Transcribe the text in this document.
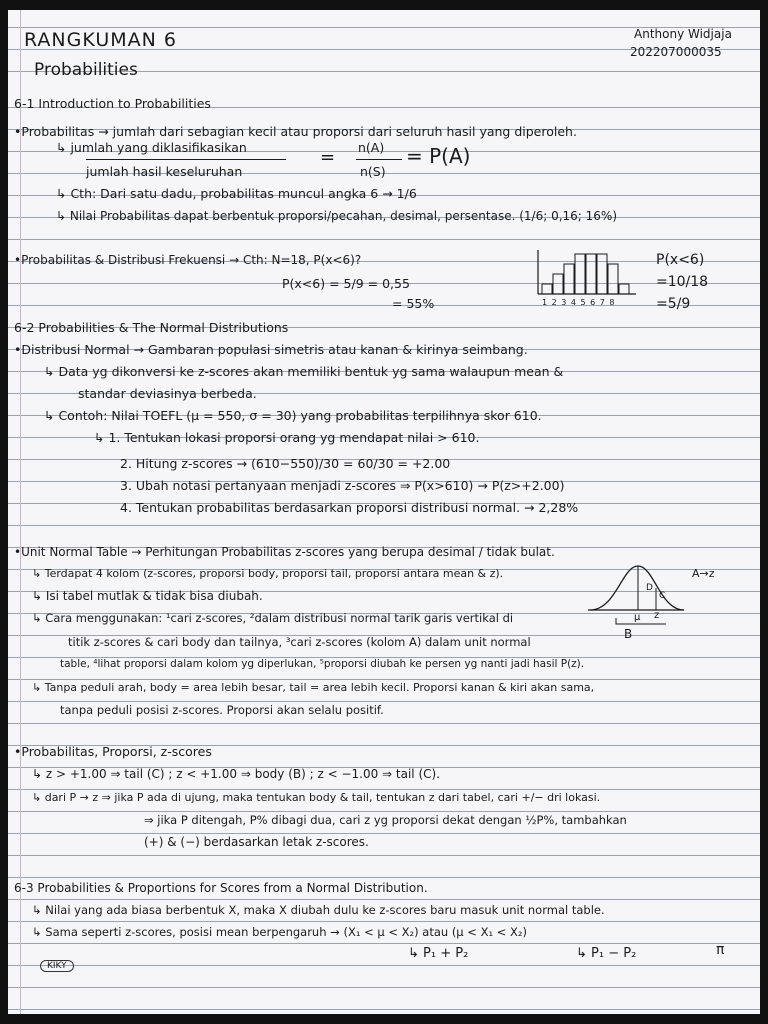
RANGKUMAN 6
Probabilities
Anthony Widjaja
202207000035
6-1 Introduction to Probabilities
•Probabilitas → jumlah dari sebagian kecil atau proporsi dari seluruh hasil yang diperoleh.
↳ jumlah yang diklasifikasikan
jumlah hasil keseluruhan
= n(A)
n(S)
= P(A)
↳ Cth: Dari satu dadu, probabilitas muncul angka 6 → 1/6
↳ Nilai Probabilitas dapat berbentuk proporsi/pecahan, desimal, persentase. (1/6; 0,16; 16%)
•Probabilitas & Distribusi Frekuensi → Cth: N=18, P(x<6)?
P(x<6) = 5/9 = 0,55
= 55%	1 2 3 4 5 6 7 8
P(x<6)
=10/18
=5/9
6-2 Probabilities & The Normal Distributions
•Distribusi Normal → Gambaran populasi simetris atau kanan & kirinya seimbang.
↳ Data yg dikonversi ke z-scores akan memiliki bentuk yg sama walaupun mean &
standar deviasinya berbeda.
↳ Contoh: Nilai TOEFL (μ = 550, σ = 30) yang probabilitas terpilihnya skor 610.
↳ 1. Tentukan lokasi proporsi orang yg mendapat nilai > 610.
2. Hitung z-scores → (610−550)/30 = 60/30 = +2.00
3. Ubah notasi pertanyaan menjadi z-scores ⇒ P(x>610) → P(z>+2.00)
4. Tentukan probabilitas berdasarkan proporsi distribusi normal. → 2,28%
•Unit Normal Table → Perhitungan Probabilitas z-scores yang berupa desimal / tidak bulat.
↳ Terdapat 4 kolom (z-scores, proporsi body, proporsi tail, proporsi antara mean & z).
↳ Isi tabel mutlak & tidak bisa diubah.
↳ Cara menggunakan: ¹cari z-scores, ²dalam distribusi normal tarik garis vertikal di
titik z-scores & cari body dan tailnya, ³cari z-scores (kolom A) dalam unit normal
table, ⁴lihat proporsi dalam kolom yg diperlukan, ⁵proporsi diubah ke persen yg nanti jadi hasil P(z).
↳ Tanpa peduli arah, body = area lebih besar, tail = area lebih kecil. Proporsi kanan & kiri akan sama,
tanpa peduli posisi z-scores. Proporsi akan selalu positif.
A→z
B
C
D
μ z
•Probabilitas, Proporsi, z-scores
↳ z > +1.00 ⇒ tail (C) ; z < +1.00 ⇒ body (B) ; z < −1.00 ⇒ tail (C).
↳ dari P → z ⇒ jika P ada di ujung, maka tentukan body & tail, tentukan z dari tabel, cari +/− dri lokasi.
⇒ jika P ditengah, P% dibagi dua, cari z yg proporsi dekat dengan ½P%, tambahkan
(+) & (−) berdasarkan letak z-scores.
6-3 Probabilities & Proportions for Scores from a Normal Distribution.
↳ Nilai yang ada biasa berbentuk X, maka X diubah dulu ke z-scores baru masuk unit normal table.
↳ Sama seperti z-scores, posisi mean berpengaruh → (X₁ < μ < X₂) atau (μ < X₁ < X₂)
↳ P₁ + P₂	↳ P₁ − P₂
KIKY
π
